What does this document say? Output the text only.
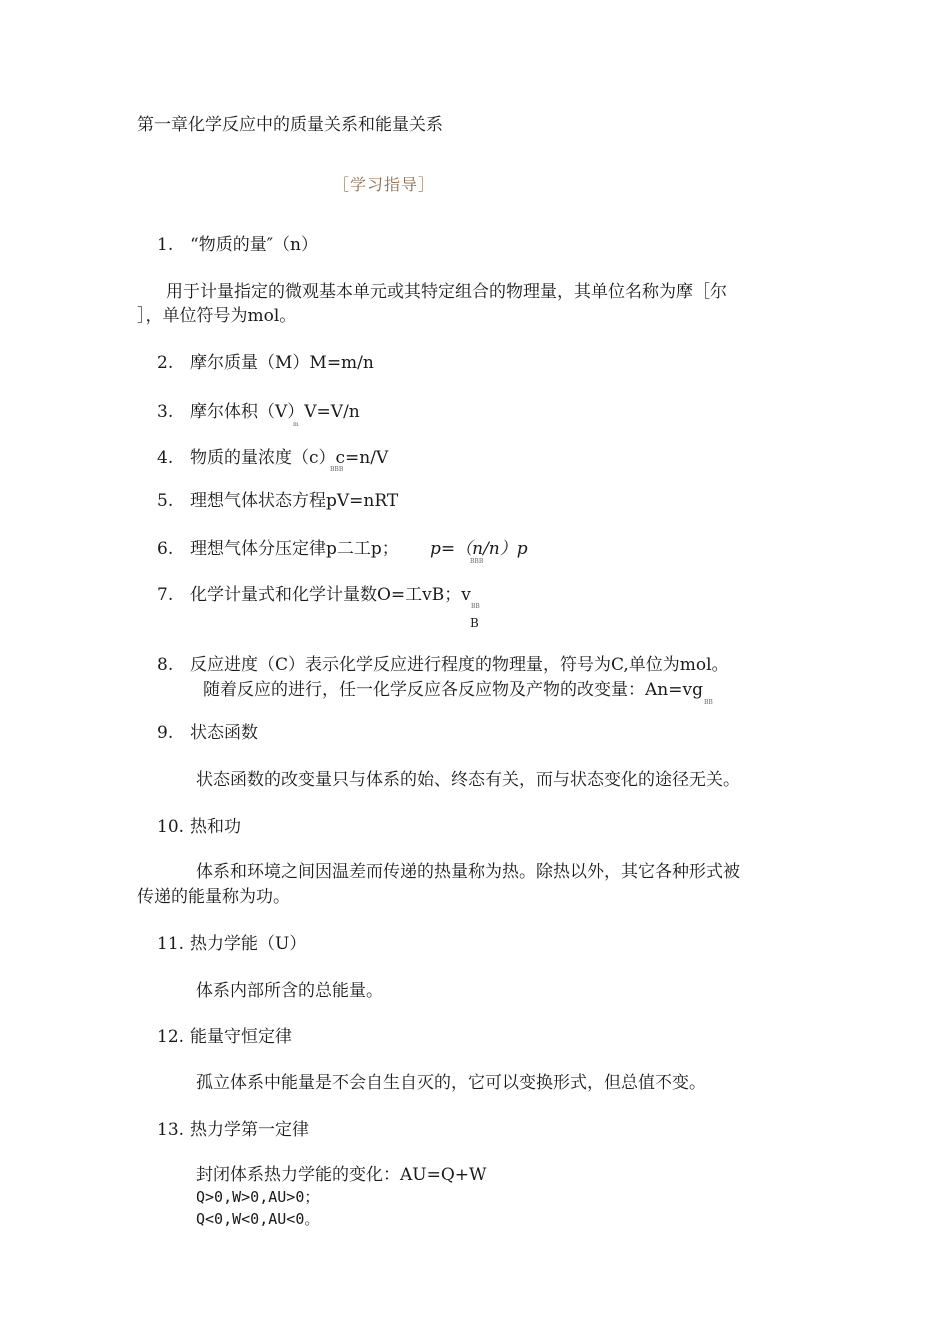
第一章化学反应中的质量关系和能量关系
［学习指导］
1. “物质的量″（n）
用于计量指定的微观基本单元或其特定组合的物理量，其单位名称为摩［尔
］，单位符号为mol。
2. 摩尔质量（M）M=m/n
3. 摩尔体积（V）V=V/n
m
4. 物质的量浓度（c）c=n/V
BBB
5. 理想气体状态方程pV=nRT
6. 理想气体分压定律p二工p； p=（n/n）p
BBB
7. 化学计量式和化学计量数O=工vB；v
BB
B
8. 反应进度（C）表示化学反应进行程度的物理量，符号为C,单位为mol。
随着反应的进行，任一化学反应各反应物及产物的改变量：An=vg
BB
9. 状态函数
状态函数的改变量只与体系的始、终态有关，而与状态变化的途径无关。
10. 热和功
体系和环境之间因温差而传递的热量称为热。除热以外，其它各种形式被
传递的能量称为功。
11. 热力学能（U）
体系内部所含的总能量。
12. 能量守恒定律
孤立体系中能量是不会自生自灭的，它可以变换形式，但总值不变。
13. 热力学第一定律
封闭体系热力学能的变化：AU=Q+W
Q>0,W>0,AU>0；
Q<0,W<0,AU<0。
